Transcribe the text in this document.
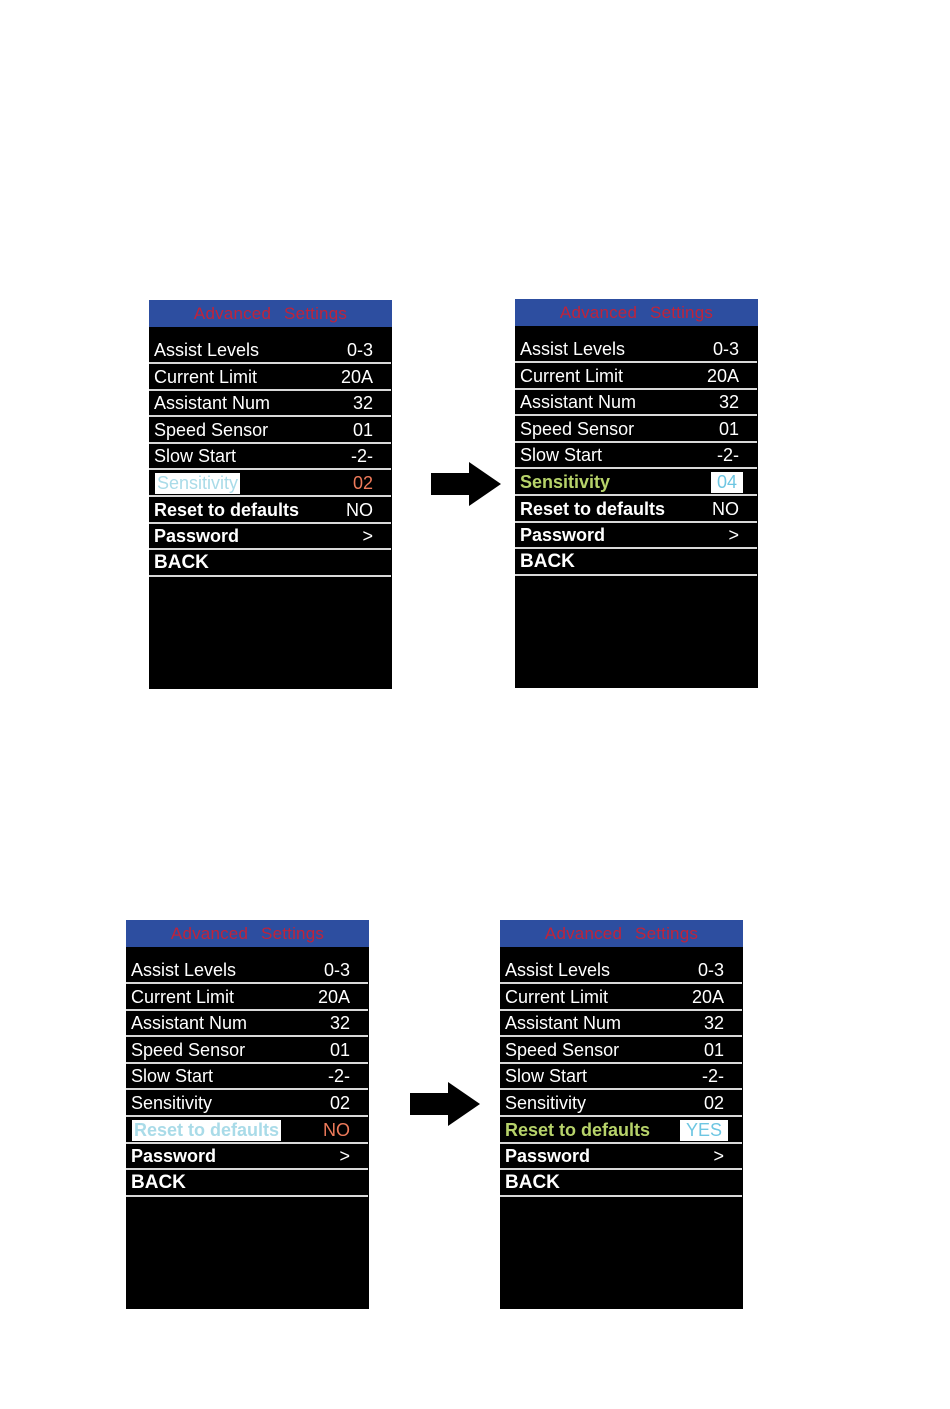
Advanced Settings
Assist Levels	0-3
Current Limit	20A
Assistant Num	32
Speed Sensor	01
Slow Start	-2-
Sensitivity	02
Reset to defaults	NO
Password	>
BACK
Advanced Settings
Assist Levels	0-3
Current Limit	20A
Assistant Num	32
Speed Sensor	01
Slow Start	-2-
Sensitivity	04
Reset to defaults	NO
Password	>
BACK
Advanced Settings
Assist Levels	0-3
Current Limit	20A
Assistant Num	32
Speed Sensor	01
Slow Start	-2-
Sensitivity	02
Reset to defaults NO
Password	>
BACK
Advanced Settings
Assist Levels	0-3
Current Limit	20A
Assistant Num	32
Speed Sensor	01
Slow Start	-2-
Sensitivity	02
Reset to defaults	YES
Password	>
BACK
